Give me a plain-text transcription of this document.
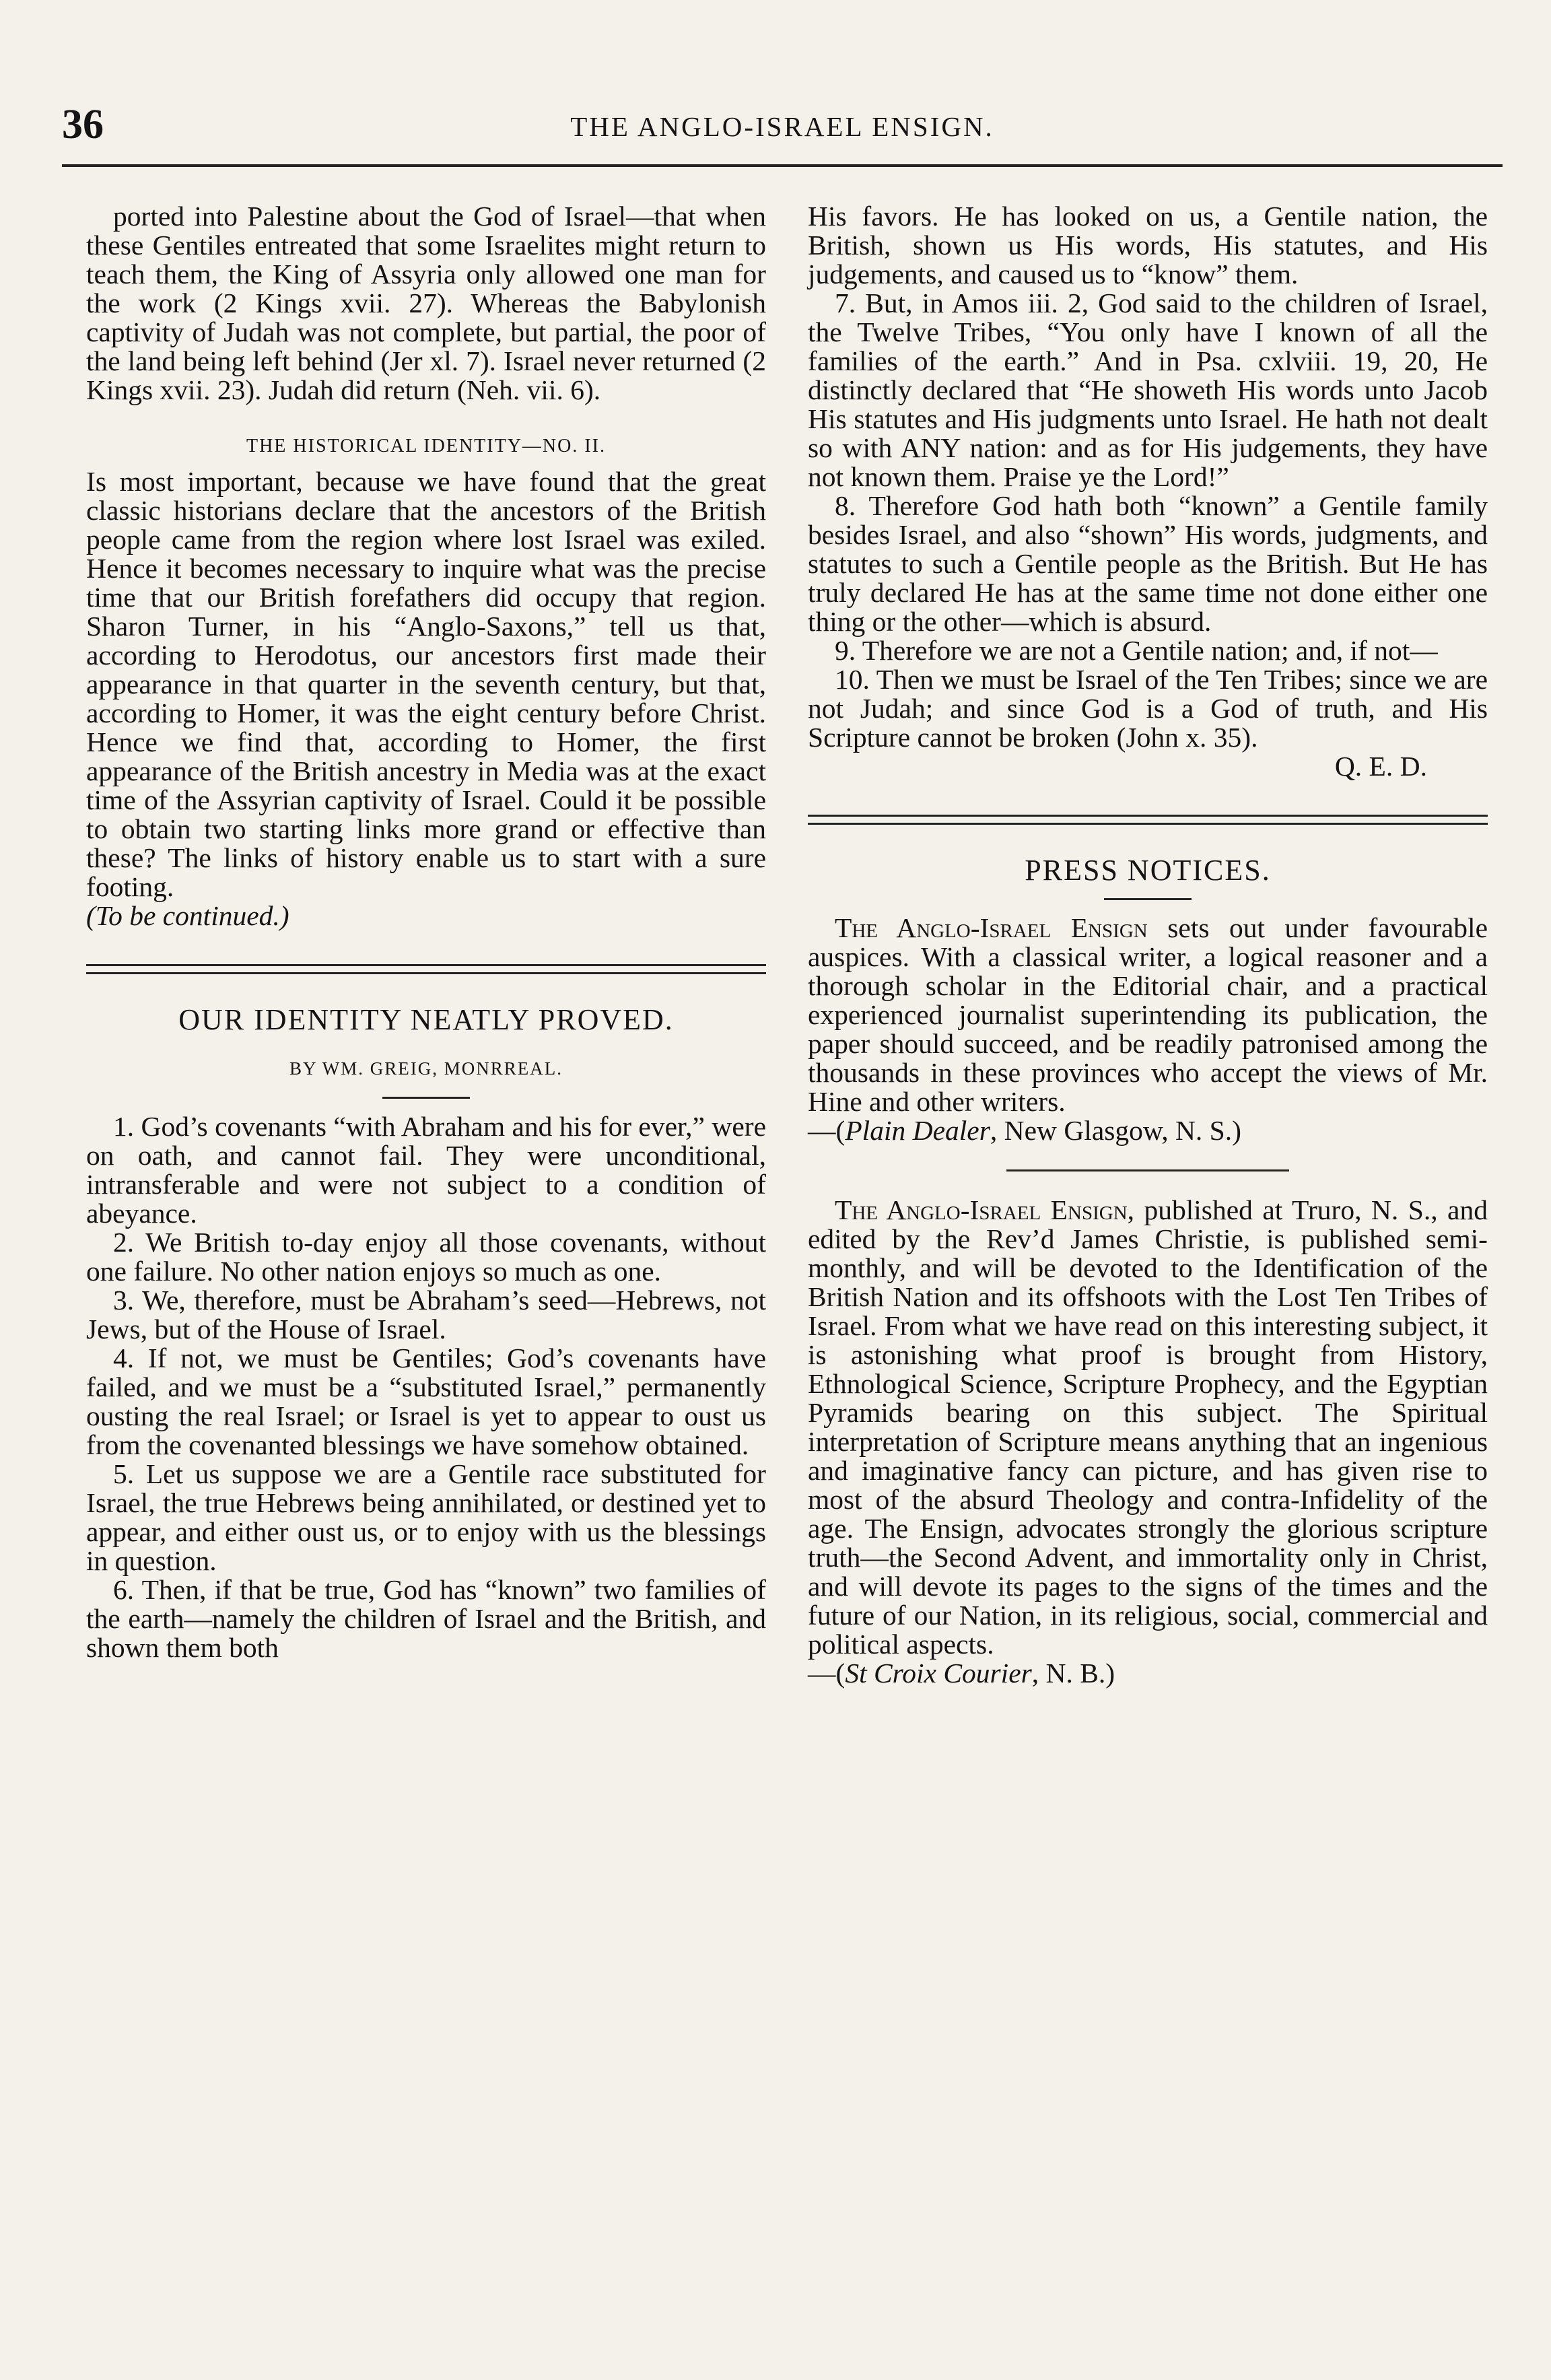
36	THE ANGLO-ISRAEL ENSIGN.

ported into Palestine about the God of Israel—that when these Gentiles entreated that some Israelites might return to teach them, the King of Assyria only allowed one man for the work (2 Kings xvii. 27). Whereas the Babylonish captivity of Judah was not complete, but partial, the poor of the land being left behind (Jer xl. 7). Israel never returned (2 Kings xvii. 23). Judah did return (Neh. vii. 6).

THE HISTORICAL IDENTITY—NO. II.

Is most important, because we have found that the great classic historians declare that the ancestors of the British people came from the region where lost Israel was exiled. Hence it becomes necessary to inquire what was the precise time that our British forefathers did occupy that region. Sharon Turner, in his “Anglo-Saxons,” tell us that, according to Herodotus, our ancestors first made their appearance in that quarter in the seventh century, but that, according to Homer, it was the eight century before Christ. Hence we find that, according to Homer, the first appearance of the British ancestry in Media was at the exact time of the Assyrian captivity of Israel. Could it be possible to obtain two starting links more grand or effective than these? The links of history enable us to start with a sure footing.

(To be continued.)

OUR IDENTITY NEATLY PROVED.
BY WM. GREIG, MONRREAL.

1. God’s covenants “with Abraham and his for ever,” were on oath, and cannot fail. They were unconditional, intransferable and were not subject to a condition of abeyance.

2. We British to-day enjoy all those covenants, without one failure. No other nation enjoys so much as one.

3. We, therefore, must be Abraham’s seed—Hebrews, not Jews, but of the House of Israel.

4. If not, we must be Gentiles; God’s covenants have failed, and we must be a “substituted Israel,” permanently ousting the real Israel; or Israel is yet to appear to oust us from the covenanted blessings we have somehow obtained.

5. Let us suppose we are a Gentile race substituted for Israel, the true Hebrews being annihilated, or destined yet to appear, and either oust us, or to enjoy with us the blessings in question.

6. Then, if that be true, God has “known” two families of the earth—namely the children of Israel and the British, and shown them both

His favors. He has looked on us, a Gentile nation, the British, shown us His words, His statutes, and His judgements, and caused us to “know” them.

7. But, in Amos iii. 2, God said to the children of Israel, the Twelve Tribes, “You only have I known of all the families of the earth.” And in Psa. cxlviii. 19, 20, He distinctly declared that “He showeth His words unto Jacob His statutes and His judgments unto Israel. He hath not dealt so with ANY nation: and as for His judgements, they have not known them. Praise ye the Lord!”

8. Therefore God hath both “known” a Gentile family besides Israel, and also “shown” His words, judgments, and statutes to such a Gentile people as the British. But He has truly declared He has at the same time not done either one thing or the other—which is absurd.

9. Therefore we are not a Gentile nation; and, if not—

10. Then we must be Israel of the Ten Tribes; since we are not Judah; and since God is a God of truth, and His Scripture cannot be broken (John x. 35).

Q. E. D.

PRESS NOTICES.

The Anglo-Israel Ensign sets out under favourable auspices. With a classical writer, a logical reasoner and a thorough scholar in the Editorial chair, and a practical experienced journalist superintending its publication, the paper should succeed, and be readily patronised among the thousands in these provinces who accept the views of Mr. Hine and other writers.

—(Plain Dealer, New Glasgow, N. S.)

The Anglo-Israel Ensign, published at Truro, N. S., and edited by the Rev’d James Christie, is published semi-monthly, and will be devoted to the Identification of the British Nation and its offshoots with the Lost Ten Tribes of Israel. From what we have read on this interesting subject, it is astonishing what proof is brought from History, Ethnological Science, Scripture Prophecy, and the Egyptian Pyramids bearing on this subject. The Spiritual interpretation of Scripture means anything that an ingenious and imaginative fancy can picture, and has given rise to most of the absurd Theology and contra-Infidelity of the age. The Ensign, advocates strongly the glorious scripture truth—the Second Advent, and immortality only in Christ, and will devote its pages to the signs of the times and the future of our Nation, in its religious, social, commercial and political aspects.

—(St Croix Courier, N. B.)
